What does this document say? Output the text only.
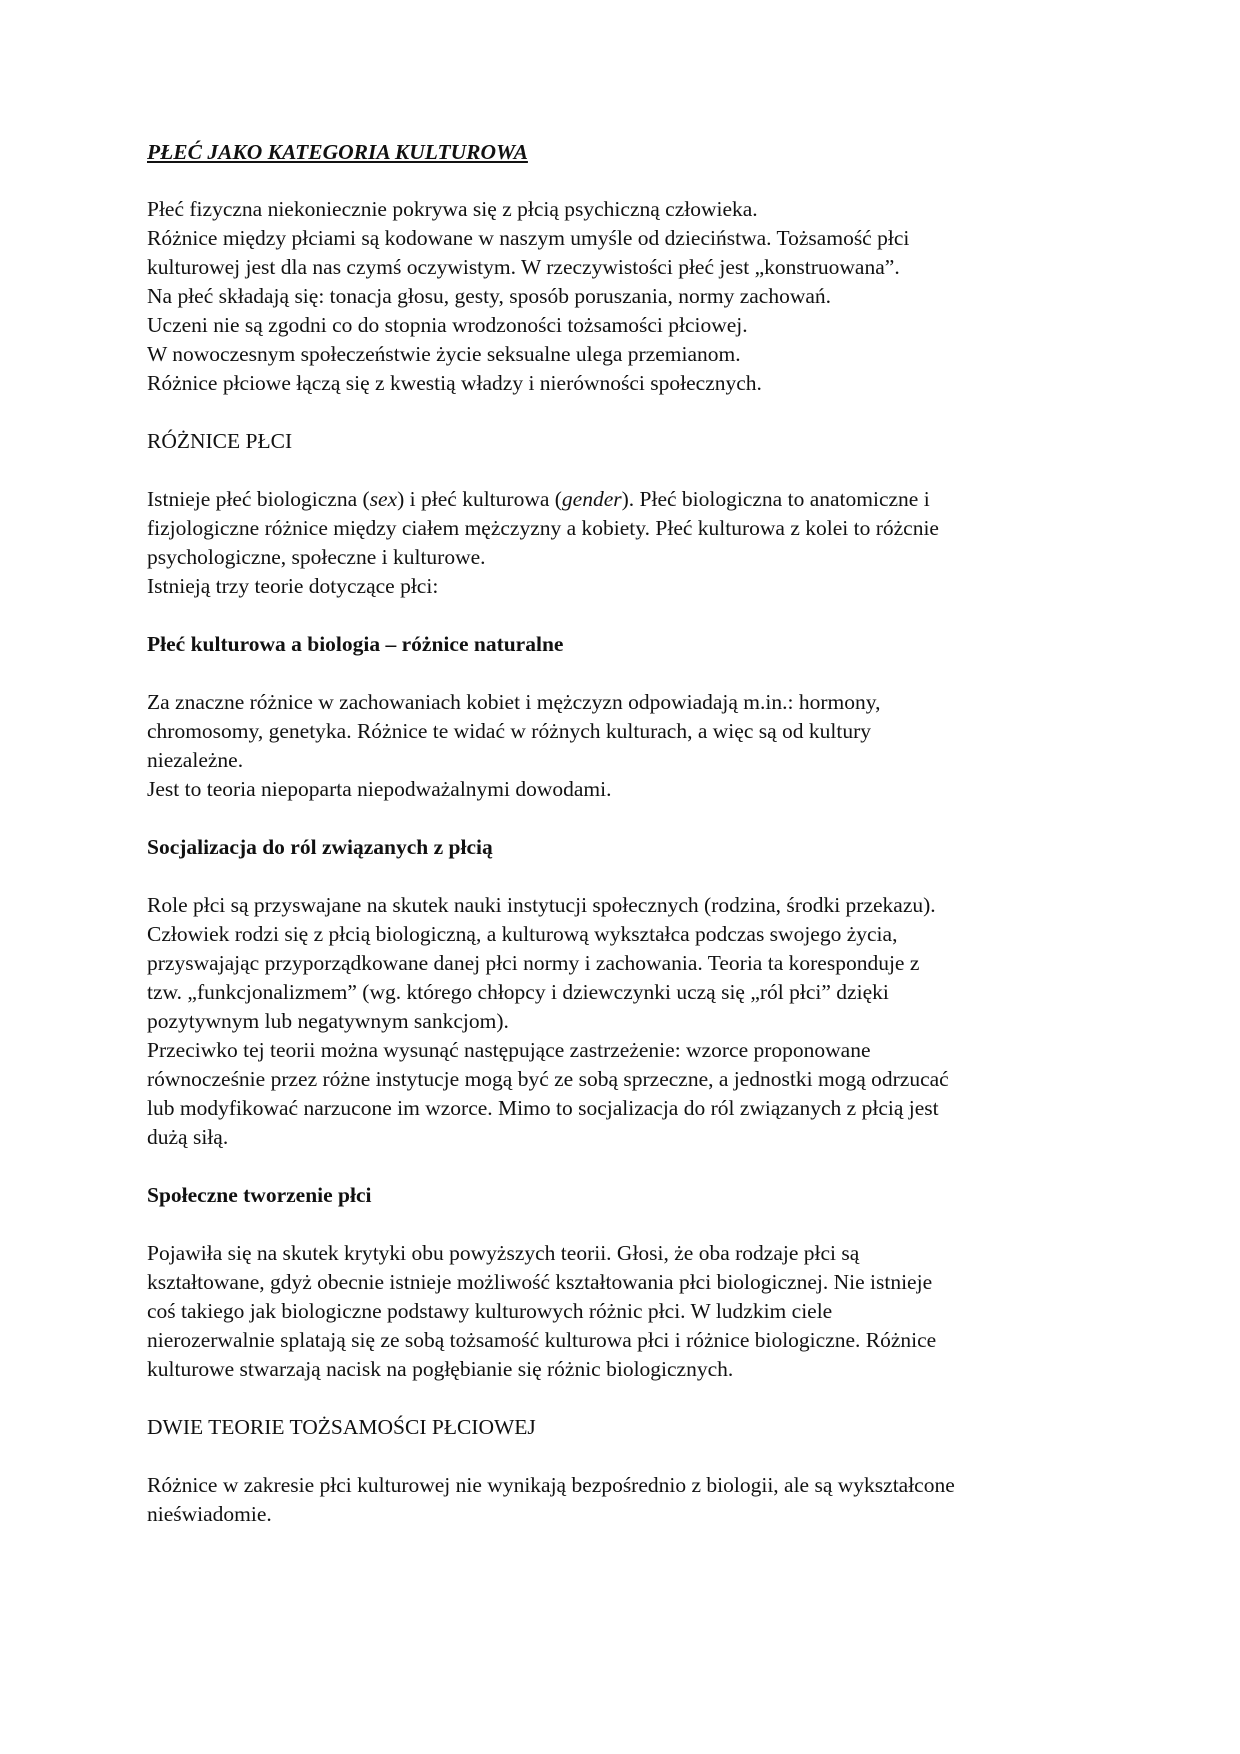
PŁEĆ JAKO KATEGORIA KULTUROWA

Płeć fizyczna niekoniecznie pokrywa się z płcią psychiczną człowieka.
Różnice między płciami są kodowane w naszym umyśle od dzieciństwa. Tożsamość płci
kulturowej jest dla nas czymś oczywistym. W rzeczywistości płeć jest „konstruowana”.
Na płeć składają się: tonacja głosu, gesty, sposób poruszania, normy zachowań.
Uczeni nie są zgodni co do stopnia wrodzoności tożsamości płciowej.
W nowoczesnym społeczeństwie życie seksualne ulega przemianom.
Różnice płciowe łączą się z kwestią władzy i nierówności społecznych.

RÓŻNICE PŁCI

Istnieje płeć biologiczna (sex) i płeć kulturowa (gender). Płeć biologiczna to anatomiczne i
fizjologiczne różnice między ciałem mężczyzny a kobiety. Płeć kulturowa z kolei to różcnie
psychologiczne, społeczne i kulturowe.
Istnieją trzy teorie dotyczące płci:

Płeć kulturowa a biologia – różnice naturalne

Za znaczne różnice w zachowaniach kobiet i mężczyzn odpowiadają m.in.: hormony,
chromosomy, genetyka. Różnice te widać w różnych kulturach, a więc są od kultury
niezależne.
Jest to teoria niepoparta niepodważalnymi dowodami.

Socjalizacja do ról związanych z płcią

Role płci są przyswajane na skutek nauki instytucji społecznych (rodzina, środki przekazu).
Człowiek rodzi się z płcią biologiczną, a kulturową wykształca podczas swojego życia,
przyswajając przyporządkowane danej płci normy i zachowania. Teoria ta koresponduje z
tzw. „funkcjonalizmem” (wg. którego chłopcy i dziewczynki uczą się „ról płci” dzięki
pozytywnym lub negatywnym sankcjom).
Przeciwko tej teorii można wysunąć następujące zastrzeżenie: wzorce proponowane
równocześnie przez różne instytucje mogą być ze sobą sprzeczne, a jednostki mogą odrzucać
lub modyfikować narzucone im wzorce. Mimo to socjalizacja do ról związanych z płcią jest
dużą siłą.

Społeczne tworzenie płci

Pojawiła się na skutek krytyki obu powyższych teorii. Głosi, że oba rodzaje płci są
kształtowane, gdyż obecnie istnieje możliwość kształtowania płci biologicznej. Nie istnieje
coś takiego jak biologiczne podstawy kulturowych różnic płci. W ludzkim ciele
nierozerwalnie splatają się ze sobą tożsamość kulturowa płci i różnice biologiczne. Różnice
kulturowe stwarzają nacisk na pogłębianie się różnic biologicznych.

DWIE TEORIE TOŻSAMOŚCI PŁCIOWEJ

Różnice w zakresie płci kulturowej nie wynikają bezpośrednio z biologii, ale są wykształcone
nieświadomie.
